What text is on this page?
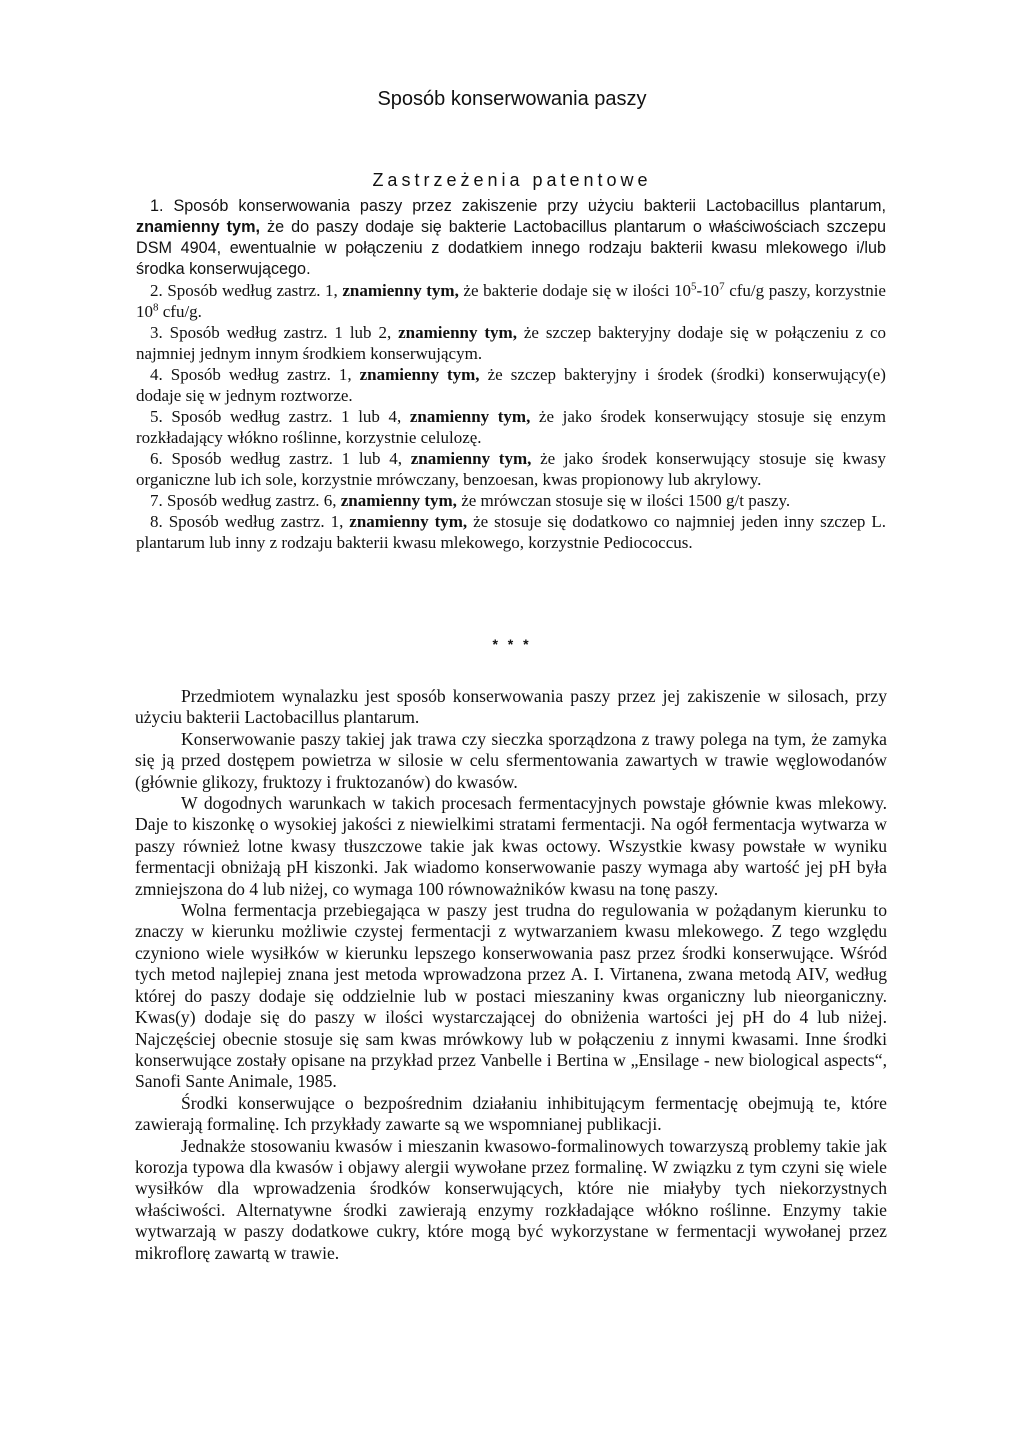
Sposób konserwowania paszy
Zastrzeżenia patentowe

1. Sposób konserwowania paszy przez zakiszenie przy użyciu bakterii Lactobacillus plantarum, znamienny tym, że do paszy dodaje się bakterie Lactobacillus plantarum o właściwościach szczepu DSM 4904, ewentualnie w połączeniu z dodatkiem innego rodzaju bakterii kwasu mlekowego i/lub środka konserwującego.

2. Sposób według zastrz. 1, znamienny tym, że bakterie dodaje się w ilości $10^5-10^7$ cfu/g paszy, korzystnie $10^8$ cfu/g.

3. Sposób według zastrz. 1 lub 2, znamienny tym, że szczep bakteryjny dodaje się w połączeniu z co najmniej jednym innym środkiem konserwującym.

4. Sposób według zastrz. 1, znamienny tym, że szczep bakteryjny i środek (środki) konserwujący(e) dodaje się w jednym roztworze.

5. Sposób według zastrz. 1 lub 4, znamienny tym, że jako środek konserwujący stosuje się enzym rozkładający włókno roślinne, korzystnie celulozę.

6. Sposób według zastrz. 1 lub 4, znamienny tym, że jako środek konserwujący stosuje się kwasy organiczne lub ich sole, korzystnie mrówczany, benzoesan, kwas propionowy lub akrylowy.

7. Sposób według zastrz. 6, znamienny tym, że mrówczan stosuje się w ilości 1500 g/t paszy.

8. Sposób według zastrz. 1, znamienny tym, że stosuje się dodatkowo co najmniej jeden inny szczep L. plantarum lub inny z rodzaju bakterii kwasu mlekowego, korzystnie Pediococcus.

* * *

Przedmiotem wynalazku jest sposób konserwowania paszy przez jej zakiszenie w silosach, przy użyciu bakterii Lactobacillus plantarum.

Konserwowanie paszy takiej jak trawa czy sieczka sporządzona z trawy polega na tym, że zamyka się ją przed dostępem powietrza w silosie w celu sfermentowania zawartych w trawie węglowodanów (głównie glikozy, fruktozy i fruktozanów) do kwasów.

W dogodnych warunkach w takich procesach fermentacyjnych powstaje głównie kwas mlekowy. Daje to kiszonkę o wysokiej jakości z niewielkimi stratami fermentacji. Na ogół fermentacja wytwarza w paszy również lotne kwasy tłuszczowe takie jak kwas octowy. Wszystkie kwasy powstałe w wyniku fermentacji obniżają pH kiszonki. Jak wiadomo konserwowanie paszy wymaga aby wartość jej pH była zmniejszona do 4 lub niżej, co wymaga 100 równoważników kwasu na tonę paszy.

Wolna fermentacja przebiegająca w paszy jest trudna do regulowania w pożądanym kierunku to znaczy w kierunku możliwie czystej fermentacji z wytwarzaniem kwasu mlekowego. Z tego względu czyniono wiele wysiłków w kierunku lepszego konserwowania pasz przez środki konserwujące. Wśród tych metod najlepiej znana jest metoda wprowadzona przez A. I. Virtanena, zwana metodą AIV, według której do paszy dodaje się oddzielnie lub w postaci mieszaniny kwas organiczny lub nieorganiczny. Kwas(y) dodaje się do paszy w ilości wystarczającej do obniżenia wartości jej pH do 4 lub niżej. Najczęściej obecnie stosuje się sam kwas mrówkowy lub w połączeniu z innymi kwasami. Inne środki konserwujące zostały opisane na przykład przez Vanbelle i Bertina w „Ensilage - new biological aspects“, Sanofi Sante Animale, 1985.

Środki konserwujące o bezpośrednim działaniu inhibitującym fermentację obejmują te, które zawierają formalinę. Ich przykłady zawarte są we wspomnianej publikacji.

Jednakże stosowaniu kwasów i mieszanin kwasowo-formalinowych towarzyszą problemy takie jak korozja typowa dla kwasów i objawy alergii wywołane przez formalinę. W związku z tym czyni się wiele wysiłków dla wprowadzenia środków konserwujących, które nie miałyby tych niekorzystnych właściwości. Alternatywne środki zawierają enzymy rozkładające włókno roślinne. Enzymy takie wytwarzają w paszy dodatkowe cukry, które mogą być wykorzystane w fermentacji wywołanej przez mikroflorę zawartą w trawie.
